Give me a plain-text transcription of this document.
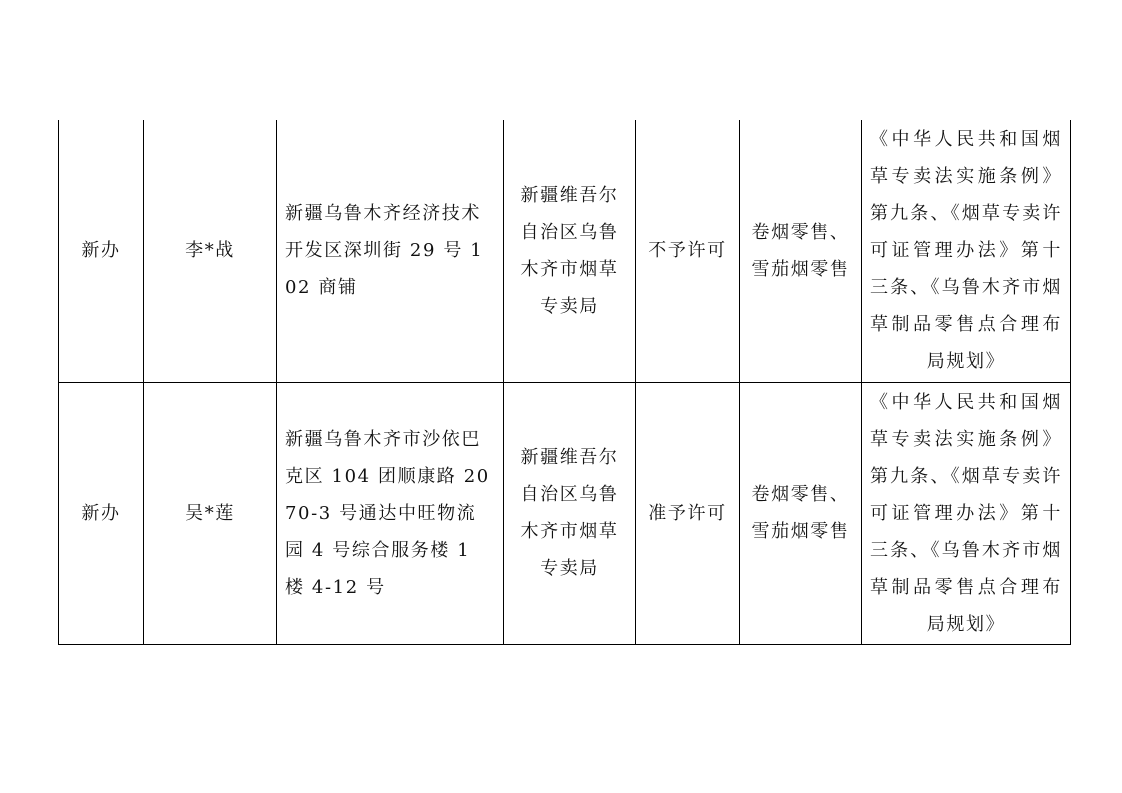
新办	李*战	新疆乌鲁木齐经济技术开发区深圳街 29 号 102 商铺	新疆维吾尔自治区乌鲁木齐市烟草专卖局	不予许可	卷烟零售、雪茄烟零售	《中华人民共和国烟草专卖法实施条例》第九条、《烟草专卖许可证管理办法》第十三条、《乌鲁木齐市烟草制品零售点合理布局规划》
新办	吴*莲	新疆乌鲁木齐市沙依巴克区 104 团顺康路 2070-3 号通达中旺物流园 4 号综合服务楼 1 楼 4-12 号	新疆维吾尔自治区乌鲁木齐市烟草专卖局	准予许可	卷烟零售、雪茄烟零售	《中华人民共和国烟草专卖法实施条例》第九条、《烟草专卖许可证管理办法》第十三条、《乌鲁木齐市烟草制品零售点合理布局规划》
